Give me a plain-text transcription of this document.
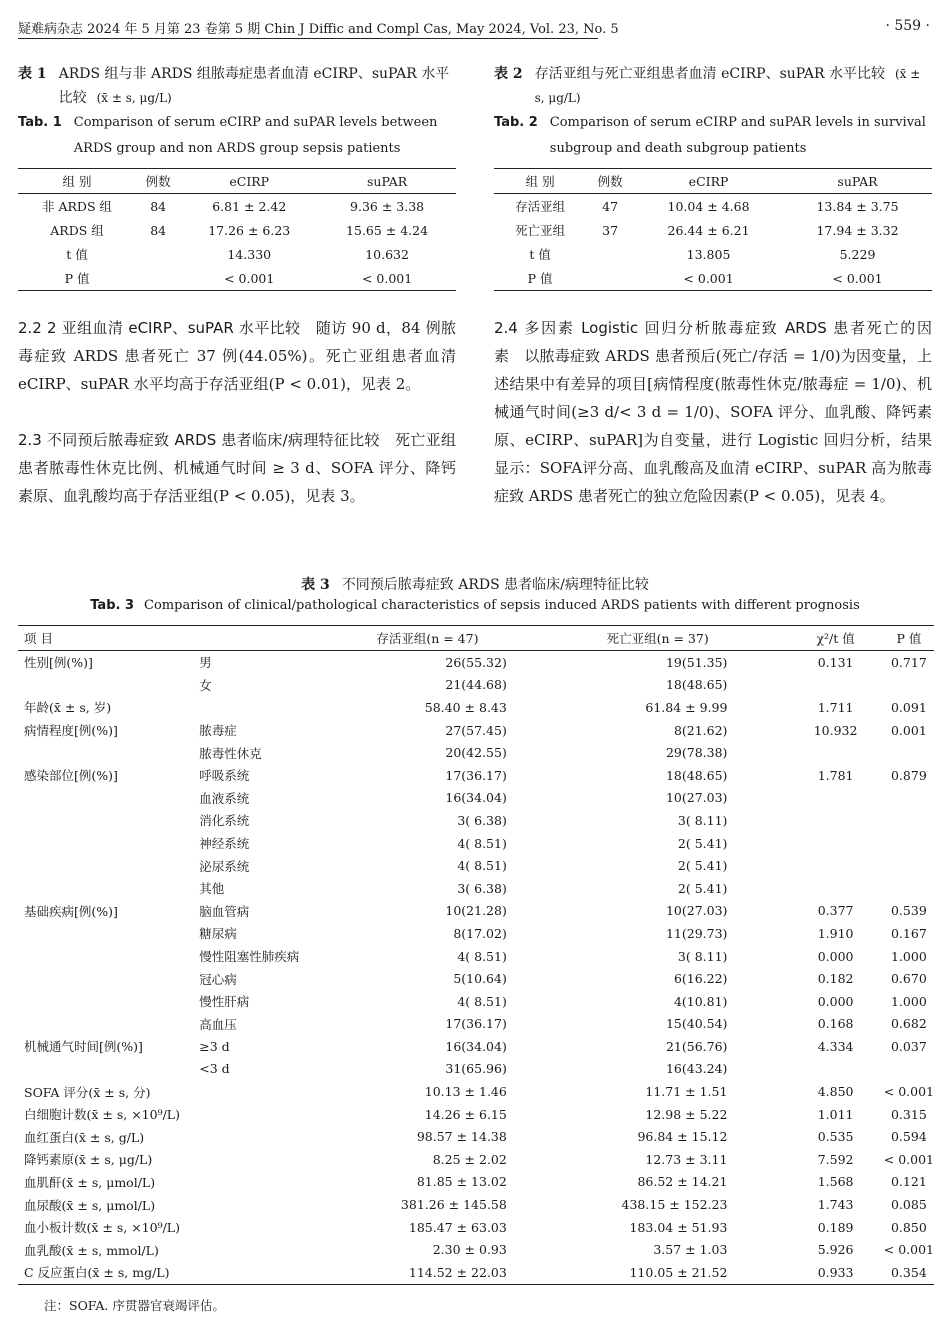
疑难病杂志 2024 年 5 月第 23 卷第 5 期 Chin J Diffic and Compl Cas, May 2024, Vol. 23, No. 5	· 559 ·
表 1 ARDS 组与非 ARDS 组脓毒症患者血清 eCIRP、suPAR 水平比较 (x̄ ± s, μg/L)
Tab. 1 Comparison of serum eCIRP and suPAR levels between ARDS group and non ARDS group sepsis patients
组 别	例数	eCIRP	suPAR
非 ARDS 组	84	6.81 ± 2.42	9.36 ± 3.38
ARDS 组	84	17.26 ± 6.23	15.65 ± 4.24
t 值		14.330	10.632
P 值		< 0.001	< 0.001
表 2 存活亚组与死亡亚组患者血清 eCIRP、suPAR 水平比较 (x̄ ± s, μg/L)
Tab. 2 Comparison of serum eCIRP and suPAR levels in survival subgroup and death subgroup patients
组 别	例数	eCIRP	suPAR
存活亚组	47	10.04 ± 4.68	13.84 ± 3.75
死亡亚组	37	26.44 ± 6.21	17.94 ± 3.32
t 值		13.805	5.229
P 值		< 0.001	< 0.001
2.2 2 亚组血清 eCIRP、suPAR 水平比较 随访 90 d，84 例脓毒症致 ARDS 患者死亡 37 例(44.05%)。死亡亚组患者血清 eCIRP、suPAR 水平均高于存活亚组(P < 0.01)，见表 2。
2.3 不同预后脓毒症致 ARDS 患者临床/病理特征比较 死亡亚组患者脓毒性休克比例、机械通气时间 ≥ 3 d、SOFA 评分、降钙素原、血乳酸均高于存活亚组(P < 0.05)，见表 3。
2.4 多因素 Logistic 回归分析脓毒症致 ARDS 患者死亡的因素 以脓毒症致 ARDS 患者预后(死亡/存活 = 1/0)为因变量，上述结果中有差异的项目[病情程度(脓毒性休克/脓毒症 = 1/0)、机械通气时间(≥3 d/< 3 d = 1/0)、SOFA 评分、血乳酸、降钙素原、eCIRP、suPAR]为自变量，进行 Logistic 回归分析，结果显示：SOFA评分高、血乳酸高及血清 eCIRP、suPAR 高为脓毒症致 ARDS 患者死亡的独立危险因素(P < 0.05)，见表 4。
表 3 不同预后脓毒症致 ARDS 患者临床/病理特征比较
Tab. 3 Comparison of clinical/pathological characteristics of sepsis induced ARDS patients with different prognosis
项 目		存活亚组(n = 47)	死亡亚组(n = 37)	χ²/t 值	P 值
性别[例(%)]	男	26(55.32)	19(51.35)	0.131	0.717
	女	21(44.68)	18(48.65)		
年龄(x̄ ± s, 岁)		58.40 ± 8.43	61.84 ± 9.99	1.711	0.091
病情程度[例(%)]	脓毒症	27(57.45)	8(21.62)	10.932	0.001
	脓毒性休克	20(42.55)	29(78.38)		
感染部位[例(%)]	呼吸系统	17(36.17)	18(48.65)	1.781	0.879
	血液系统	16(34.04)	10(27.03)		
	消化系统	3( 6.38)	3( 8.11)		
	神经系统	4( 8.51)	2( 5.41)		
	泌尿系统	4( 8.51)	2( 5.41)		
	其他	3( 6.38)	2( 5.41)		
基础疾病[例(%)]	脑血管病	10(21.28)	10(27.03)	0.377	0.539
	糖尿病	8(17.02)	11(29.73)	1.910	0.167
	慢性阻塞性肺疾病	4( 8.51)	3( 8.11)	0.000	1.000
	冠心病	5(10.64)	6(16.22)	0.182	0.670
	慢性肝病	4( 8.51)	4(10.81)	0.000	1.000
	高血压	17(36.17)	15(40.54)	0.168	0.682
机械通气时间[例(%)]	≥3 d	16(34.04)	21(56.76)	4.334	0.037
	<3 d	31(65.96)	16(43.24)		
SOFA 评分(x̄ ± s, 分)		10.13 ± 1.46	11.71 ± 1.51	4.850	< 0.001
白细胞计数(x̄ ± s, ×10⁹/L)		14.26 ± 6.15	12.98 ± 5.22	1.011	0.315
血红蛋白(x̄ ± s, g/L)		98.57 ± 14.38	96.84 ± 15.12	0.535	0.594
降钙素原(x̄ ± s, μg/L)		8.25 ± 2.02	12.73 ± 3.11	7.592	< 0.001
血肌酐(x̄ ± s, μmol/L)		81.85 ± 13.02	86.52 ± 14.21	1.568	0.121
血尿酸(x̄ ± s, μmol/L)		381.26 ± 145.58	438.15 ± 152.23	1.743	0.085
血小板计数(x̄ ± s, ×10⁹/L)		185.47 ± 63.03	183.04 ± 51.93	0.189	0.850
血乳酸(x̄ ± s, mmol/L)		2.30 ± 0.93	3.57 ± 1.03	5.926	< 0.001
C 反应蛋白(x̄ ± s, mg/L)		114.52 ± 22.03	110.05 ± 21.52	0.933	0.354
注：SOFA. 序贯器官衰竭评估。
